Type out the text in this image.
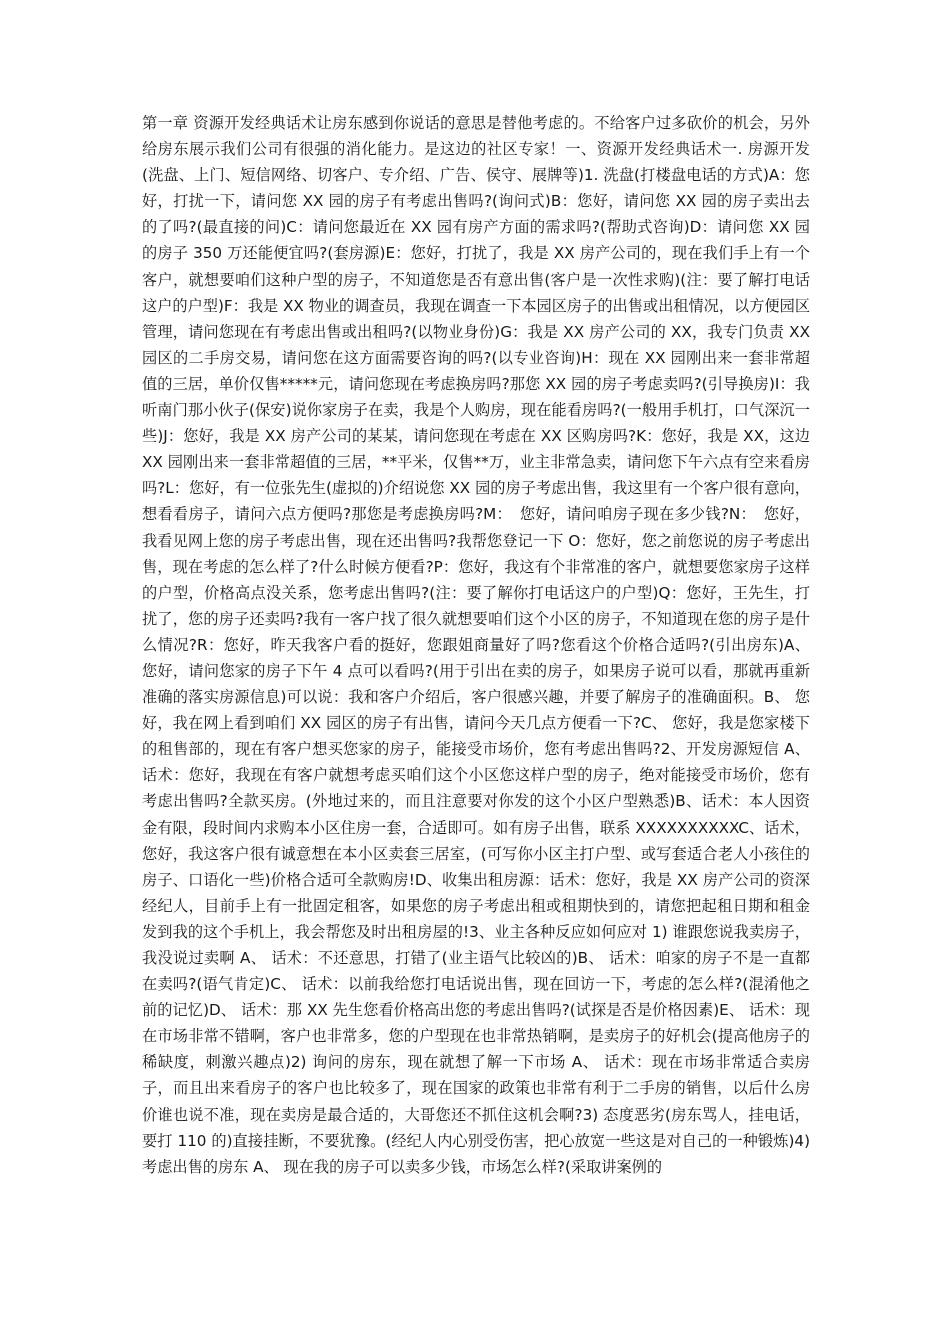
第一章 资源开发经典话术让房东感到你说话的意思是替他考虑的。不给客户过多砍价的机会，另外给房东展示我们公司有很强的消化能力。是这边的社区专家！一、资源开发经典话术一. 房源开发(洗盘、上门、短信网络、切客户、专介绍、广告、侯守、展牌等)1. 洗盘(打楼盘电话的方式)A：您好，打扰一下，请问您 XX 园的房子有考虑出售吗?(询问式)B：您好，请问您 XX 园的房子卖出去的了吗?(最直接的问)C：请问您最近在 XX 园有房产方面的需求吗?(帮助式咨询)D：请问您 XX 园的房子 350 万还能便宜吗?(套房源)E：您好，打扰了，我是 XX 房产公司的，现在我们手上有一个客户，就想要咱们这种户型的房子，不知道您是否有意出售(客户是一次性求购)(注：要了解打电话这户的户型)F：我是 XX 物业的调查员，我现在调查一下本园区房子的出售或出租情况，以方便园区管理，请问您现在有考虑出售或出租吗?(以物业身份)G：我是 XX 房产公司的 XX，我专门负责 XX 园区的二手房交易，请问您在这方面需要咨询的吗?(以专业咨询)H：现在 XX 园刚出来一套非常超值的三居，单价仅售*****元，请问您现在考虑换房吗?那您 XX 园的房子考虑卖吗?(引导换房)I：我听南门那小伙子(保安)说你家房子在卖，我是个人购房，现在能看房吗?(一般用手机打，口气深沉一些)J：您好，我是 XX 房产公司的某某，请问您现在考虑在 XX 区购房吗?K：您好，我是 XX，这边 XX 园刚出来一套非常超值的三居，**平米，仅售**万，业主非常急卖，请问您下午六点有空来看房吗?L：您好，有一位张先生(虚拟的)介绍说您 XX 园的房子考虑出售，我这里有一个客户很有意向，想看看房子，请问六点方便吗?那您是考虑换房吗?M：　您好，请问咱房子现在多少钱?N：　您好，我看见网上您的房子考虑出售，现在还出售吗?我帮您登记一下 O：您好，您之前您说的房子考虑出售，现在考虑的怎么样了?什么时候方便看?P：您好，我这有个非常准的客户，就想要您家房子这样的户型，价格高点没关系，您考虑出售吗?(注：要了解你打电话这户的户型)Q：您好，王先生，打扰了，您的房子还卖吗?我有一客户找了很久就想要咱们这个小区的房子，不知道现在您的房子是什么情况?R：您好，昨天我客户看的挺好，您跟姐商量好了吗?您看这个价格合适吗?(引出房东)A、 您好，请问您家的房子下午 4 点可以看吗?(用于引出在卖的房子，如果房子说可以看，那就再重新准确的落实房源信息)可以说：我和客户介绍后，客户很感兴趣，并要了解房子的准确面积。B、 您好，我在网上看到咱们 XX 园区的房子有出售，请问今天几点方便看一下?C、 您好，我是您家楼下的租售部的，现在有客户想买您家的房子，能接受市场价，您有考虑出售吗?2、开发房源短信 A、话术：您好，我现在有客户就想考虑买咱们这个小区您这样户型的房子，绝对能接受市场价，您有考虑出售吗?全款买房。(外地过来的，而且注意要对你发的这个小区户型熟悉)B、话术：本人因资金有限，段时间内求购本小区住房一套，合适即可。如有房子出售，联系 XXXXXXXXXXC、话术，您好，我这客户很有诚意想在本小区卖套三居室，(可写你小区主打户型、或写套适合老人小孩住的房子、口语化一些)价格合适可全款购房!D、收集出租房源：话术：您好，我是 XX 房产公司的资深经纪人，目前手上有一批固定租客，如果您的房子考虑出租或租期快到的，请您把起租日期和租金发到我的这个手机上，我会帮您及时出租房屋的!3、业主各种反应如何应对 1) 谁跟您说我卖房子，我没说过卖啊 A、 话术：不还意思，打错了(业主语气比较凶的)B、 话术：咱家的房子不是一直都在卖吗?(语气肯定)C、 话术：以前我给您打电话说出售，现在回访一下，考虑的怎么样?(混淆他之前的记忆)D、 话术：那 XX 先生您看价格高出您的考虑出售吗?(试探是否是价格因素)E、 话术：现在市场非常不错啊，客户也非常多，您的户型现在也非常热销啊，是卖房子的好机会(提高他房子的稀缺度，刺激兴趣点)2) 询问的房东，现在就想了解一下市场 A、 话术：现在市场非常适合卖房子，而且出来看房子的客户也比较多了，现在国家的政策也非常有利于二手房的销售，以后什么房价谁也说不准，现在卖房是最合适的，大哥您还不抓住这机会啊?3) 态度恶劣(房东骂人，挂电话，要打 110 的)直接挂断，不要犹豫。(经纪人内心别受伤害，把心放宽一些这是对自己的一种锻炼)4) 考虑出售的房东 A、 现在我的房子可以卖多少钱，市场怎么样?(采取讲案例的
